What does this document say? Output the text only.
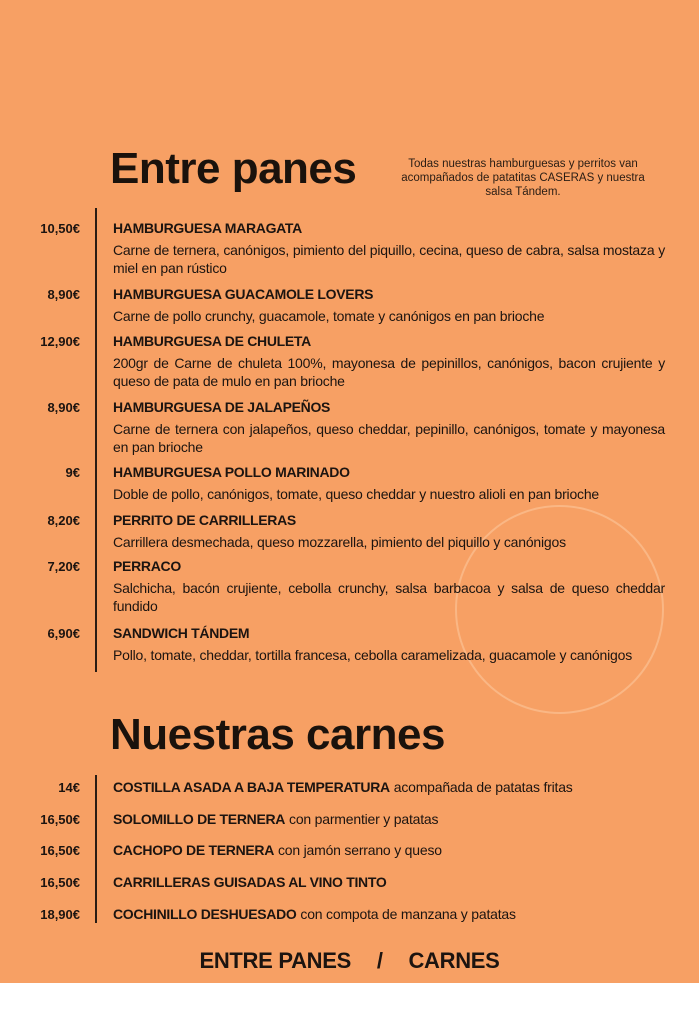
Entre panes	Todas nuestras hamburguesas y perritos van acompañados de patatitas CASERAS y nuestra salsa Tándem.
10,50€ HAMBURGUESA MARAGATA
Carne de ternera, canónigos, pimiento del piquillo, cecina, queso de cabra, salsa mostaza y miel en pan rústico
8,90€ HAMBURGUESA GUACAMOLE LOVERS
Carne de pollo crunchy, guacamole, tomate y canónigos en pan brioche
12,90€ HAMBURGUESA DE CHULETA
200gr de Carne de chuleta 100%, mayonesa de pepinillos, canónigos, bacon crujiente y queso de pata de mulo en pan brioche
8,90€ HAMBURGUESA DE JALAPEÑOS
Carne de ternera con jalapeños, queso cheddar, pepinillo, canónigos, tomate y mayonesa en pan brioche
9€ HAMBURGUESA POLLO MARINADO
Doble de pollo, canónigos, tomate, queso cheddar y nuestro alioli en pan brioche
8,20€ PERRITO DE CARRILLERAS
Carrillera desmechada, queso mozzarella, pimiento del piquillo y canónigos
7,20€ PERRACO
Salchicha, bacón crujiente, cebolla crunchy, salsa barbacoa y salsa de queso cheddar fundido
6,90€ SANDWICH TÁNDEM
Pollo, tomate, cheddar, tortilla francesa, cebolla caramelizada, guacamole y canónigos
Nuestras carnes
14€ COSTILLA ASADA A BAJA TEMPERATURA acompañada de patatas fritas
16,50€ SOLOMILLO DE TERNERA con parmentier y patatas
16,50€ CACHOPO DE TERNERA con jamón serrano y queso
16,50€ CARRILLERAS GUISADAS AL VINO TINTO
18,90€ COCHINILLO DESHUESADO con compota de manzana y patatas
ENTRE PANES / CARNES
